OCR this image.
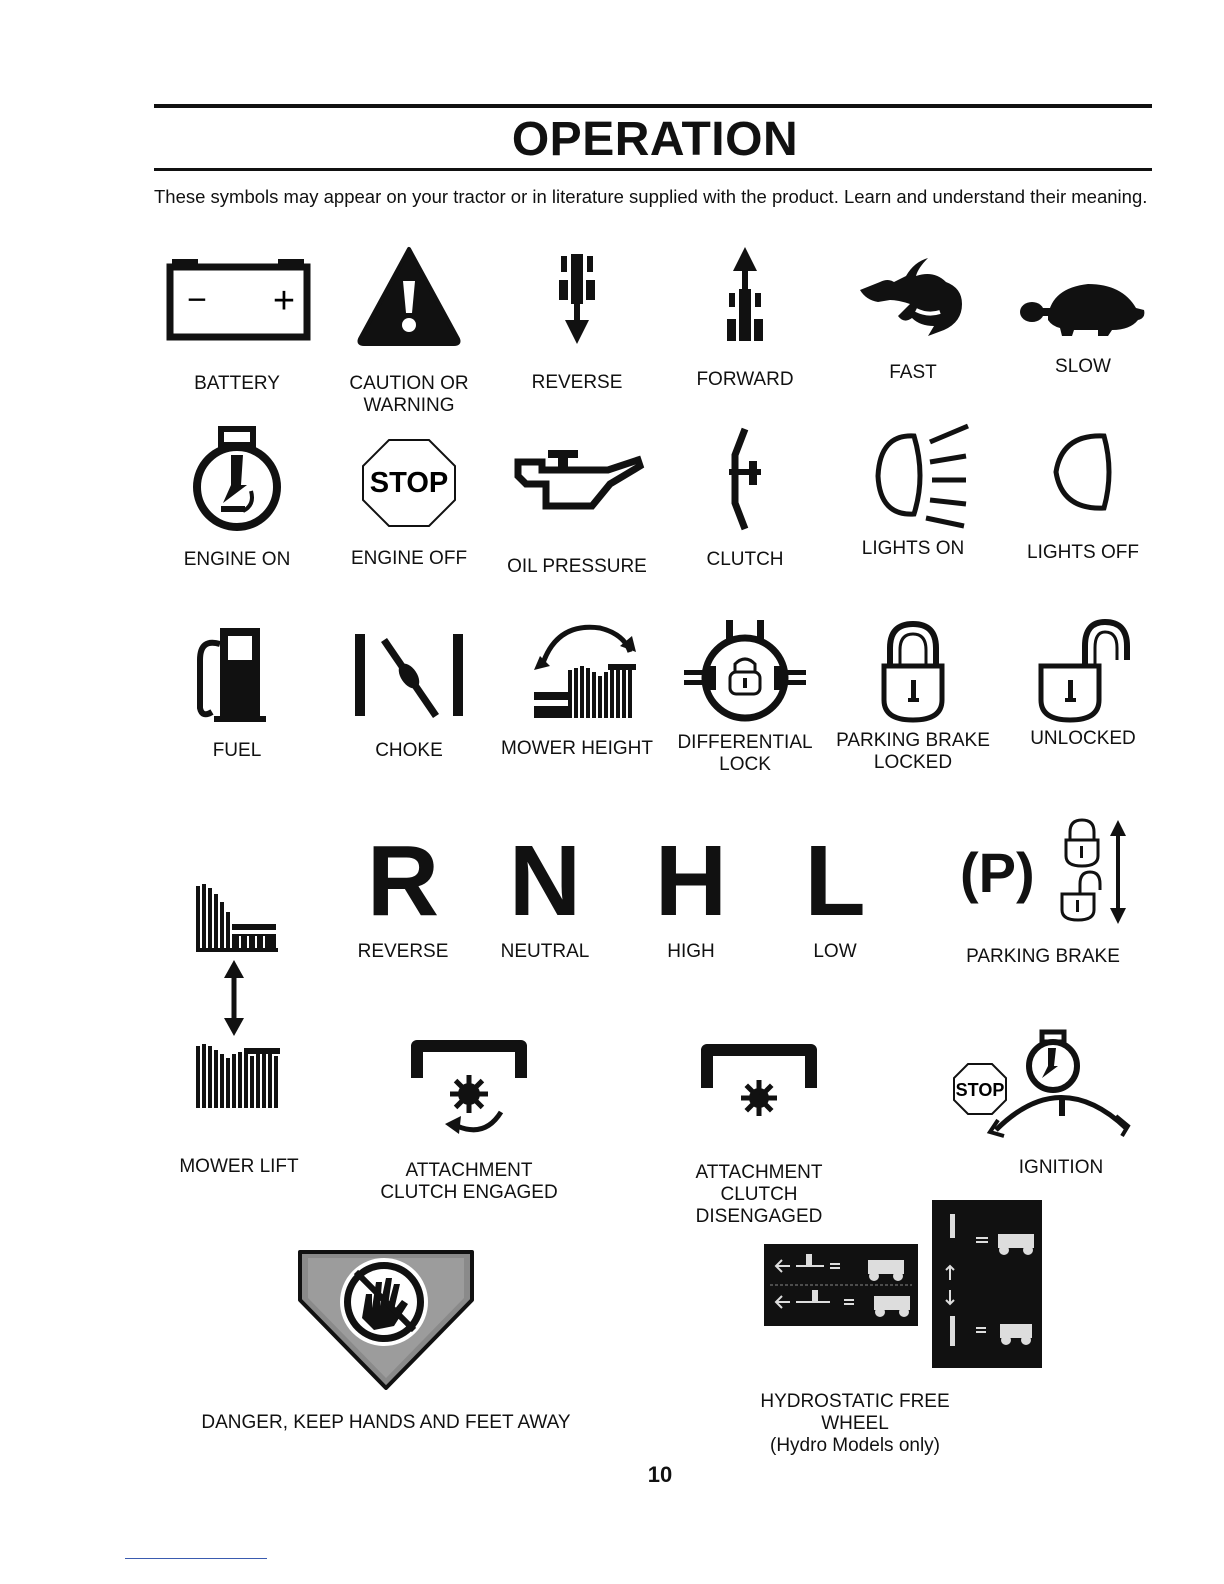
OPERATION
These symbols may appear on your tractor or in literature supplied with the product. Learn and understand their meaning.
− +
BATTERY	CAUTION OR
WARNING
REVERSE	FORWARD	FAST	SLOW
ENGINE ON
STOP
ENGINE OFF	OIL PRESSURE	CLUTCH
LIGHTS ON	LIGHTS OFF
FUEL	CHOKE	MOWER HEIGHT	DIFFERENTIAL
LOCK
PARKING BRAKE
LOCKED
UNLOCKED
MOWER LIFT
R
REVERSE
N
NEUTRAL
H
HIGH
L
LOW
(P)
PARKING BRAKE
ATTACHMENT
CLUTCH ENGAGED
ATTACHMENT
CLUTCH DISENGAGED
STOP
IGNITION
DANGER, KEEP HANDS AND FEET AWAY
HYDROSTATIC FREE WHEEL
(Hydro Models only)
10
